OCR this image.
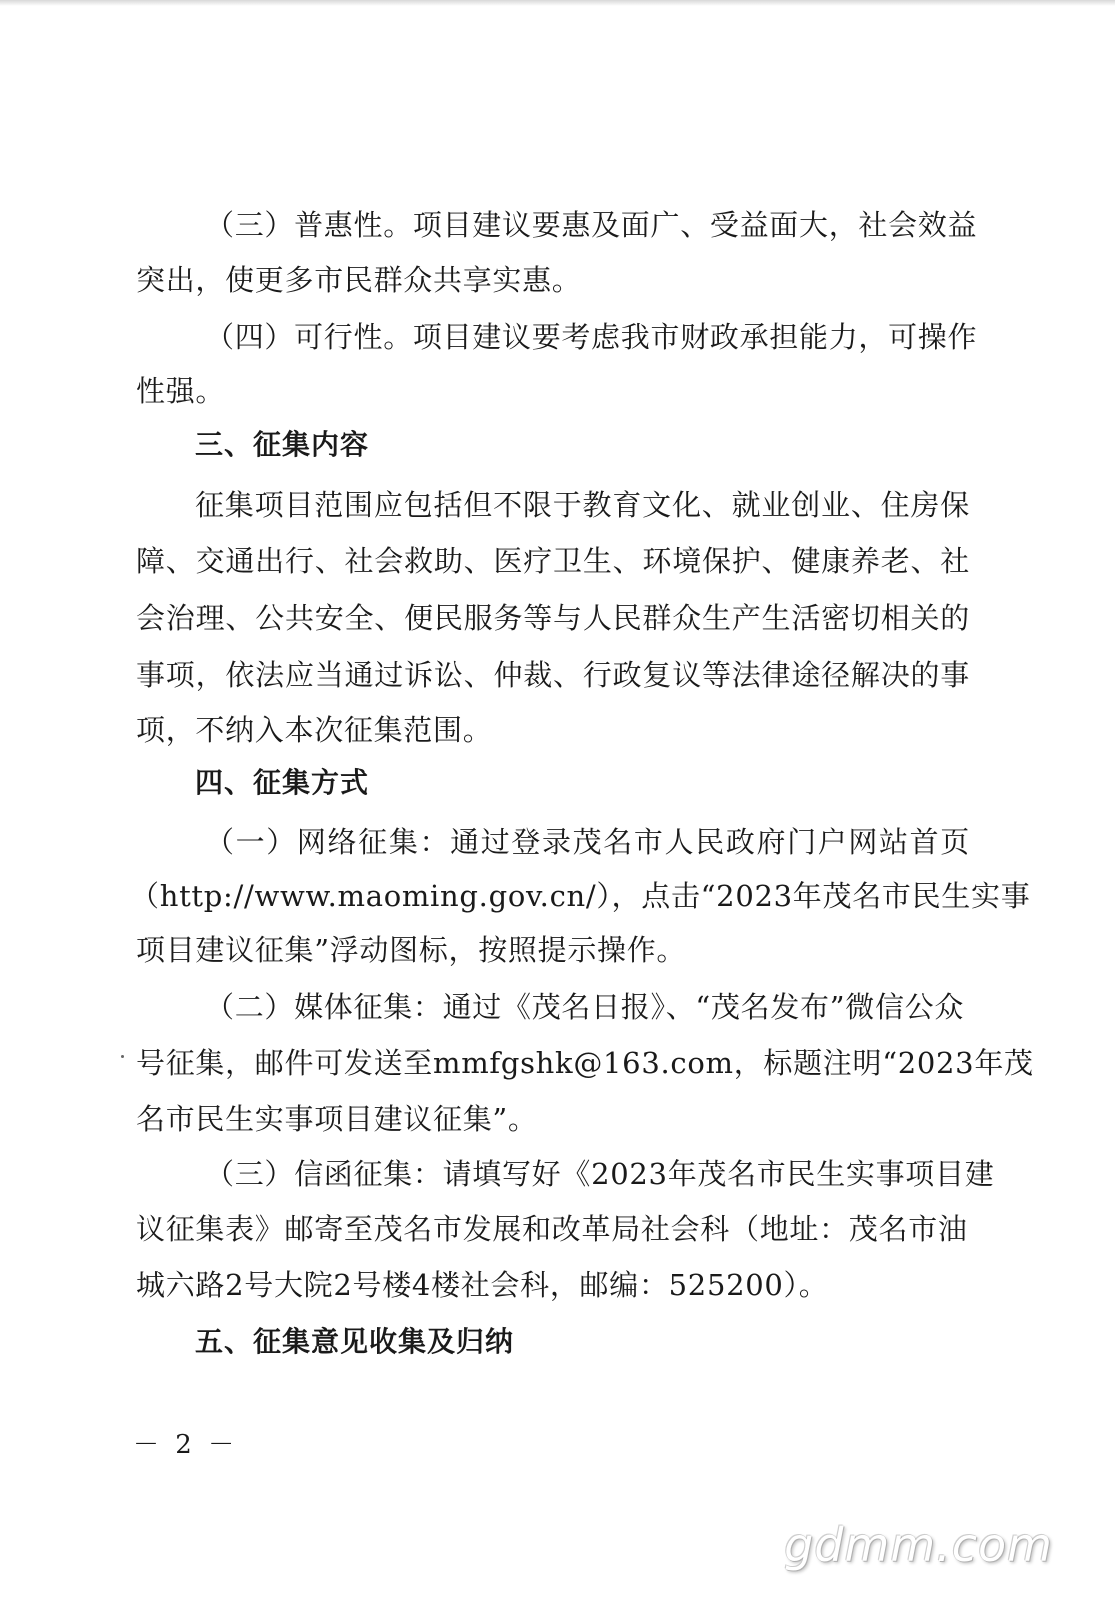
（三）普惠性。项目建议要惠及面广、受益面大，社会效益
突出，使更多市民群众共享实惠。
（四）可行性。项目建议要考虑我市财政承担能力，可操作
性强。
三、征集内容
征集项目范围应包括但不限于教育文化、就业创业、住房保
障、交通出行、社会救助、医疗卫生、环境保护、健康养老、社
会治理、公共安全、便民服务等与人民群众生产生活密切相关的
事项，依法应当通过诉讼、仲裁、行政复议等法律途径解决的事
项，不纳入本次征集范围。
四、征集方式
（一）网络征集：通过登录茂名市人民政府门户网站首页
（http://www.maoming.gov.cn/），点击“2023年茂名市民生实事
项目建议征集”浮动图标，按照提示操作。
（二）媒体征集：通过《茂名日报》、“茂名发布”微信公众
号征集，邮件可发送至mmfgshk@163.com，标题注明“2023年茂
名市民生实事项目建议征集”。
（三）信函征集：请填写好《2023年茂名市民生实事项目建
议征集表》邮寄至茂名市发展和改革局社会科（地址：茂名市油
城六路2号大院2号楼4楼社会科，邮编：525200）。
五、征集意见收集及归纳
－ 2 －
gdmm.com
